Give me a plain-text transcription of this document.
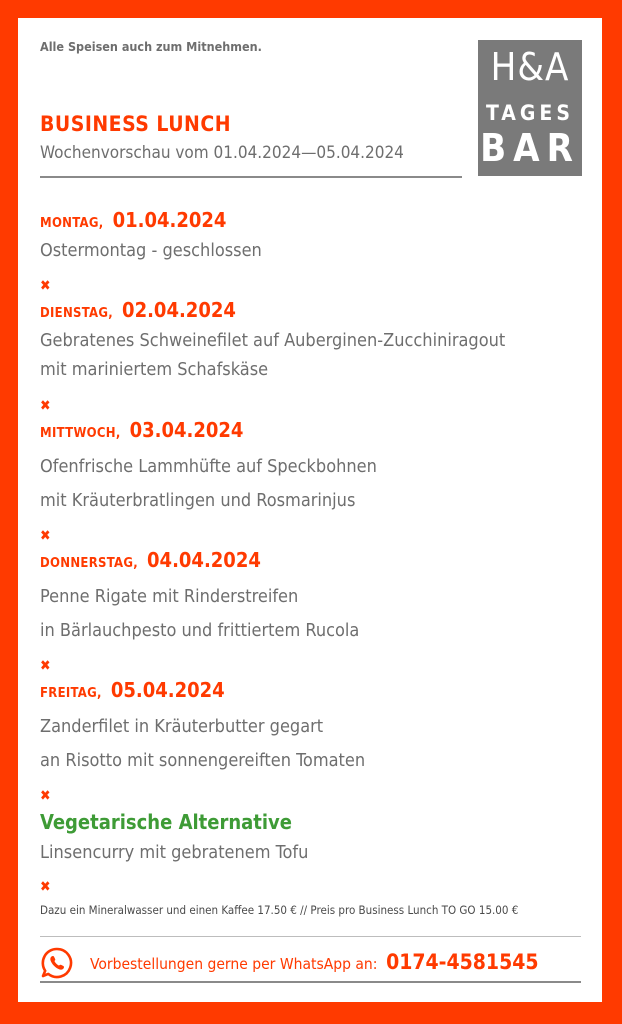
Alle Speisen auch zum Mitnehmen.	H&A
TAGES
BAR
BUSINESS LUNCH
Wochenvorschau vom 01.04.2024—05.04.2024
MONTAG, 01.04.2024
Ostermontag - geschlossen
✖
DIENSTAG, 02.04.2024
Gebratenes Schweinefilet auf Auberginen-Zucchiniragout
mit mariniertem Schafskäse
✖
MITTWOCH, 03.04.2024
Ofenfrische Lammhüfte auf Speckbohnen
mit Kräuterbratlingen und Rosmarinjus
✖
DONNERSTAG, 04.04.2024
Penne Rigate mit Rinderstreifen
in Bärlauchpesto und frittiertem Rucola
✖
FREITAG, 05.04.2024
Zanderfilet in Kräuterbutter gegart
an Risotto mit sonnengereiften Tomaten
✖
Vegetarische Alternative
Linsencurry mit gebratenem Tofu
✖
Dazu ein Mineralwasser und einen Kaffee 17.50 € // Preis pro Business Lunch TO GO 15.00 €
Vorbestellungen gerne per WhatsApp an: 0174-4581545
